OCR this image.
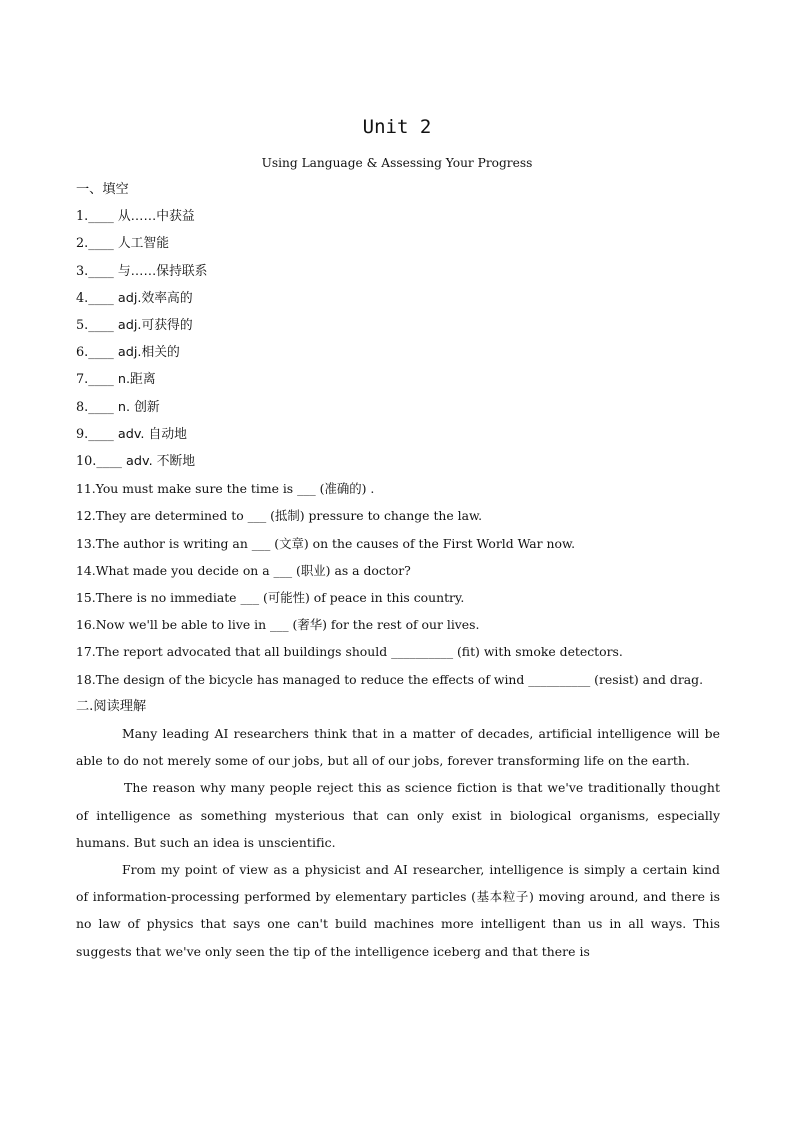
Unit 2
Using Language & Assessing Your Progress
一、填空
1.____ 从……中获益
2.____ 人工智能
3.____ 与……保持联系
4.____ adj.效率高的
5.____ adj.可获得的
6.____ adj.相关的
7.____ n.距离
8.____ n. 创新
9.____ adv. 自动地
10.____ adv. 不断地
11.You must make sure the time is ___ (准确的) .
12.They are determined to ___ (抵制) pressure to change the law.
13.The author is writing an ___ (文章) on the causes of the First World War now.
14.What made you decide on a ___ (职业) as a doctor?
15.There is no immediate ___ (可能性) of peace in this country.
16.Now we'll be able to live in ___ (奢华) for the rest of our lives.
17.The report advocated that all buildings should __________ (fit) with smoke detectors.
18.The design of the bicycle has managed to reduce the effects of wind __________ (resist) and drag.
二.阅读理解
Many leading AI researchers think that in a matter of decades, artificial intelligence will be able to do not merely some of our jobs, but all of our jobs, forever transforming life on the earth.
The reason why many people reject this as science fiction is that we've traditionally thought of intelligence as something mysterious that can only exist in biological organisms, especially humans. But such an idea is unscientific.
From my point of view as a physicist and AI researcher, intelligence is simply a certain kind of information-processing performed by elementary particles (基本粒子) moving around, and there is no law of physics that says one can't build machines more intelligent than us in all ways. This suggests that we've only seen the tip of the intelligence iceberg and that there is
